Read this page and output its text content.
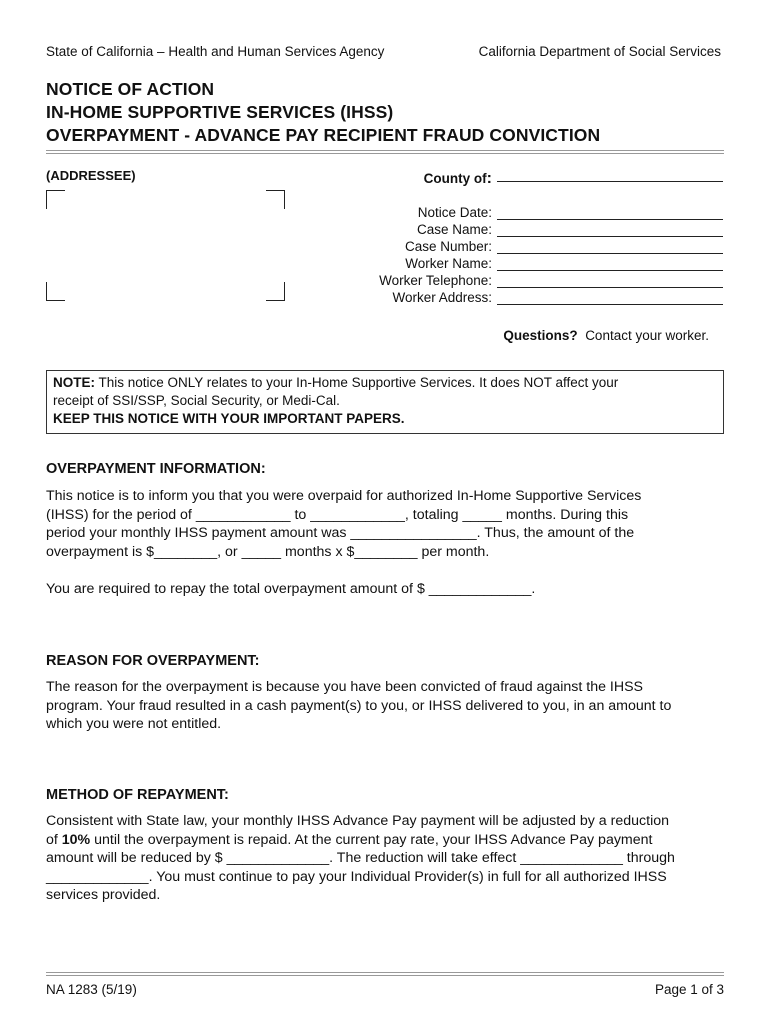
State of California – Health and Human Services Agency	California Department of Social Services
NOTICE OF ACTION
IN-HOME SUPPORTIVE SERVICES (IHSS)
OVERPAYMENT - ADVANCE PAY RECIPIENT FRAUD CONVICTION
(ADDRESSEE)	County of:
Notice Date:
Case Name:
Case Number:
Worker Name:
Worker Telephone:
Worker Address:
Questions? Contact your worker.
NOTE: This notice ONLY relates to your In-Home Supportive Services. It does NOT affect your
receipt of SSI/SSP, Social Security, or Medi-Cal.
KEEP THIS NOTICE WITH YOUR IMPORTANT PAPERS.
OVERPAYMENT INFORMATION:
This notice is to inform you that you were overpaid for authorized In-Home Supportive Services
(IHSS) for the period of ____________ to ____________, totaling _____ months. During this
period your monthly IHSS payment amount was ________________. Thus, the amount of the
overpayment is $________, or _____ months x $________ per month.
You are required to repay the total overpayment amount of $ _____________.
REASON FOR OVERPAYMENT:
The reason for the overpayment is because you have been convicted of fraud against the IHSS
program. Your fraud resulted in a cash payment(s) to you, or IHSS delivered to you, in an amount to
which you were not entitled.
METHOD OF REPAYMENT:
Consistent with State law, your monthly IHSS Advance Pay payment will be adjusted by a reduction
of 10% until the overpayment is repaid. At the current pay rate, your IHSS Advance Pay payment
amount will be reduced by $ _____________. The reduction will take effect _____________ through
_____________. You must continue to pay your Individual Provider(s) in full for all authorized IHSS
services provided.
NA 1283 (5/19)	Page 1 of 3
